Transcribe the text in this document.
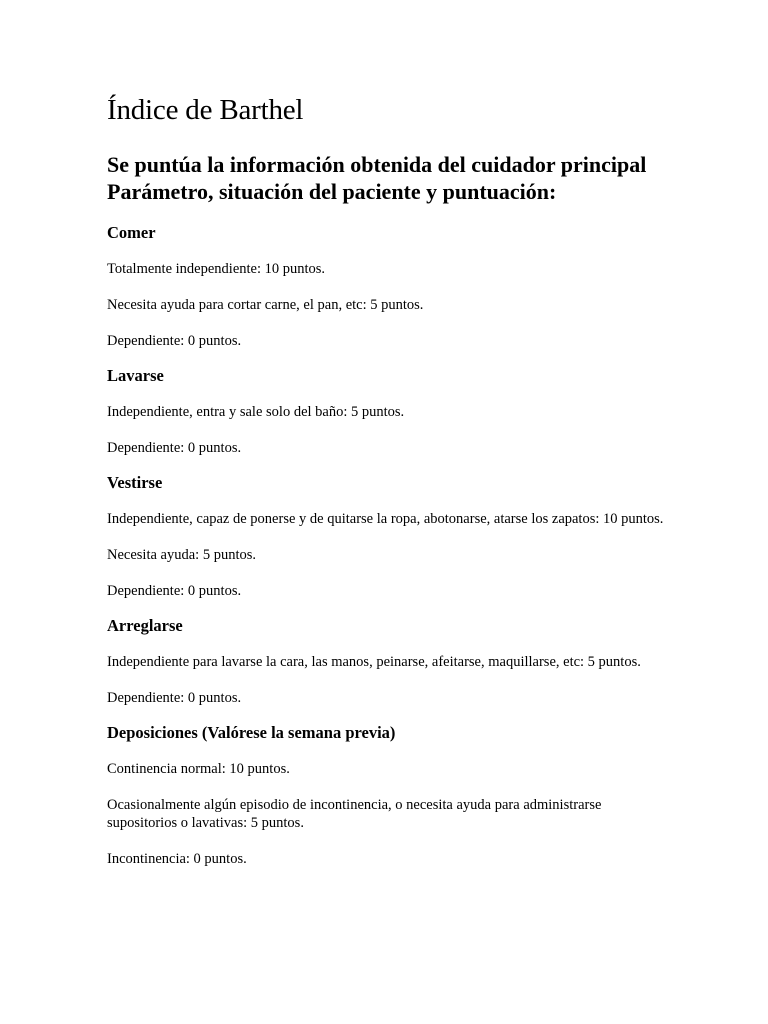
Índice de Barthel
Se puntúa la información obtenida del cuidador principal
Parámetro, situación del paciente y puntuación:
Comer

Totalmente independiente: 10 puntos.

Necesita ayuda para cortar carne, el pan, etc: 5 puntos.

Dependiente: 0 puntos.

Lavarse

Independiente, entra y sale solo del baño: 5 puntos.

Dependiente: 0 puntos.

Vestirse

Independiente, capaz de ponerse y de quitarse la ropa, abotonarse, atarse los zapatos: 10 puntos.

Necesita ayuda: 5 puntos.

Dependiente: 0 puntos.

Arreglarse

Independiente para lavarse la cara, las manos, peinarse, afeitarse, maquillarse, etc: 5 puntos.

Dependiente: 0 puntos.

Deposiciones (Valórese la semana previa)

Continencia normal: 10 puntos.

Ocasionalmente algún episodio de incontinencia, o necesita ayuda para administrarse supositorios o lavativas: 5 puntos.

Incontinencia: 0 puntos.
